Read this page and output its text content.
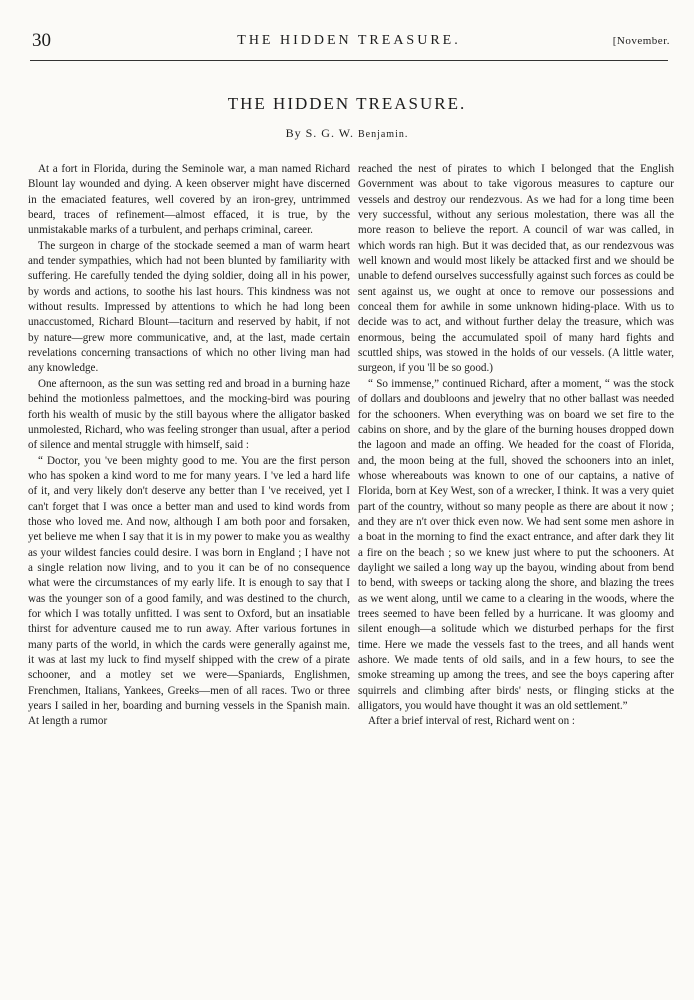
30	THE HIDDEN TREASURE.	[November.
THE HIDDEN TREASURE.
By S. G. W. Benjamin.

At a fort in Florida, during the Seminole war, a man named Richard Blount lay wounded and dying. A keen observer might have discerned in the emaciated features, well covered by an iron-grey, untrimmed beard, traces of refinement—almost effaced, it is true, by the unmistakable marks of a turbulent, and perhaps criminal, career.

The surgeon in charge of the stockade seemed a man of warm heart and tender sympathies, which had not been blunted by familiarity with suffering. He carefully tended the dying soldier, doing all in his power, by words and actions, to soothe his last hours. This kindness was not without results. Impressed by attentions to which he had long been unaccustomed, Richard Blount—taciturn and reserved by habit, if not by nature—grew more communicative, and, at the last, made certain revelations concerning transactions of which no other living man had any knowledge.

One afternoon, as the sun was setting red and broad in a burning haze behind the motionless palmettoes, and the mocking-bird was pouring forth his wealth of music by the still bayous where the alligator basked unmolested, Richard, who was feeling stronger than usual, after a period of silence and mental struggle with himself, said :

“ Doctor, you 've been mighty good to me. You are the first person who has spoken a kind word to me for many years. I 've led a hard life of it, and very likely don't deserve any better than I 've received, yet I can't forget that I was once a better man and used to kind words from those who loved me. And now, although I am both poor and forsaken, yet believe me when I say that it is in my power to make you as wealthy as your wildest fancies could desire. I was born in England ; I have not a single relation now living, and to you it can be of no consequence what were the circumstances of my early life. It is enough to say that I was the younger son of a good family, and was destined to the church, for which I was totally unfitted. I was sent to Oxford, but an insatiable thirst for adventure caused me to run away. After various fortunes in many parts of the world, in which the cards were generally against me, it was at last my luck to find myself shipped with the crew of a pirate schooner, and a motley set we were—Spaniards, Englishmen, Frenchmen, Italians, Yankees, Greeks—men of all races. Two or three years I sailed in her, boarding and burning vessels in the Spanish main. At length a rumor

reached the nest of pirates to which I belonged that the English Government was about to take vigorous measures to capture our vessels and destroy our rendezvous. As we had for a long time been very successful, without any serious molestation, there was all the more reason to believe the report. A council of war was called, in which words ran high. But it was decided that, as our rendezvous was well known and would most likely be attacked first and we should be unable to defend ourselves successfully against such forces as could be sent against us, we ought at once to remove our possessions and conceal them for awhile in some unknown hiding-place. With us to decide was to act, and without further delay the treasure, which was enormous, being the accumulated spoil of many hard fights and scuttled ships, was stowed in the holds of our vessels. (A little water, surgeon, if you 'll be so good.)

“ So immense,” continued Richard, after a moment, “ was the stock of dollars and doubloons and jewelry that no other ballast was needed for the schooners. When everything was on board we set fire to the cabins on shore, and by the glare of the burning houses dropped down the lagoon and made an offing. We headed for the coast of Florida, and, the moon being at the full, shoved the schooners into an inlet, whose whereabouts was known to one of our captains, a native of Florida, born at Key West, son of a wrecker, I think. It was a very quiet part of the country, without so many people as there are about it now ; and they are n't over thick even now. We had sent some men ashore in a boat in the morning to find the exact entrance, and after dark they lit a fire on the beach ; so we knew just where to put the schooners. At daylight we sailed a long way up the bayou, winding about from bend to bend, with sweeps or tacking along the shore, and blazing the trees as we went along, until we came to a clearing in the woods, where the trees seemed to have been felled by a hurricane. It was gloomy and silent enough—a solitude which we disturbed perhaps for the first time. Here we made the vessels fast to the trees, and all hands went ashore. We made tents of old sails, and in a few hours, to see the smoke streaming up among the trees, and see the boys capering after squirrels and climbing after birds' nests, or flinging sticks at the alligators, you would have thought it was an old settlement.”

After a brief interval of rest, Richard went on :
